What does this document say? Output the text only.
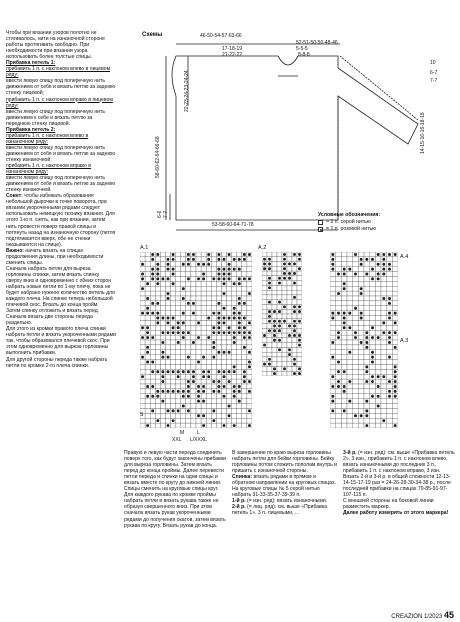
Чтобы при вязании узоров полотно не стягивалось, нити на изнаночной стороне работы протягивать свободно. При необходимости при вязании узора использовать более толстые спицы.

Прибавка петель 1:

прибавить 1 п. с наклоном влево в лицевом ряду:

ввести левую спицу под поперечную нить движением от себя и вязать петлю за заднюю стенку лицевой;

прибавить 1 п. с наклоном вправо в лицевом ряду:

ввести левую спицу под поперечную нить движением к себе и вязать петлю за переднюю стенку лицевой.

Прибавка петель 2:

прибавить 1 п. с наклоном влево в изнаночном ряду:

ввести левую спицу под поперечную нить движением от себя и вязать петлю за заднюю стенку изнаночной;

прибавить 1 п. с наклоном вправо в изнаночном ряду:

ввести левую спицу под поперечную нить движением от себя и вязать петлю за заднюю стенку изнаночной.

Совет: чтобы избежать образования небольшой дырочки в точке поворота, при вязании укороченными рядами следует использовать немецкую технику вязания. Для этого 1-ю п. снять, как при вязании, затем нить провести поверх правой спицы и потянуть назад на изнаночную сторону (петля подтягивается вверх, обе ее стенки оказываются на спице).

Важно: начать вязать на спицах продолжения длины, при необходимости сменить спицы.

Сначала набрать петли для выреза горловины спинки, затем вязать спинку сверху вниз и одновременно с обеих сторон набрать новые петли по 1-му плечу, пока не будет набрано нужное количество петель для каждого плеча. На спинке теперь небольшой плечевой скос. Вязать до конца пройм.

Затем спинку отложить и вязать перед.

Сначала вязать две стороны переда раздельно.

Для этого из кромки правого плеча спинки набрать петли и вязать укороченными рядами так, чтобы образовался плечевой скос. При этом одновременно для выреза горловины выполнить прибавки.

Для другой стороны переда также набрать петли по кромке 2-го плеча спинки.

Схемы	46-50-54-57-63-66
17-18-19
21-22-22
52-51-50-50-48-46
5-5-5
8-8-8
10
6-7
7-7
14-15-16-16-18-18
58-60-62-64-66-68
22-23-24-23-24-24
6-6 7-7
53-58-60-64-71-78
Условные обозначения:
= 1 п. серой нитью
= 1 п. розовой нитью
A.1	A.2
A.4
A.3
S
M	L
XXL L/XXXL

Правую и левую части переда соединить поверх того, как будут закончены прибавки для выреза горловины. Затем вязать перед до конца проймы. Далее перевести петли переда и спинки на одни спицы и вязать вместе по кругу до нижней линии. Спицы сменить на круговые спицы круг. Для каждого рукава по кромке проймы набрать петли и вязать рукава также не образуя свершенного вниз. При этом сначала вязать рукав укороченными рядами до получения окатов, затем вязать рукава по кругу. Вязать рукав до конца.

В завершение по краю выреза горловины набрать петли для бейки горловины. Бейку горловины потом сложить пополам внутрь и пришить с изнаночной стороны.

Спинка: вязать рядами в прямом и обратном направлении на круговых спицах. На круговые спицы № 5 серой нитью набрать 31-33-35-37-39-39 п.

1-й р. (= изн. ряд): вязать изнаночными.

2-й р. (= лиц. ряд): см. выше «Прибавка петель 1». 3 п. лицевыми, ...

3-й р. (= изн. ряд): см. выше «Прибавка петель 2», 3 изн., прибавить 1 п. с наклоном влево, вязать изнаночными до последних 3 п., прибавить 1 п. с наклоном вправо, 3 изн. Вязать 2-й и 3-й р. в общей сложности 12-13-14-15-17-19 раз = 24-26-28-30-34-38 р., после последней прибавки на спицах 79-85-91-97-107-115 п.

С внешней стороны на боковой линии разместить маркер.

Далее работу измерять от этого маркера!

CREAZION 1/2023 45
